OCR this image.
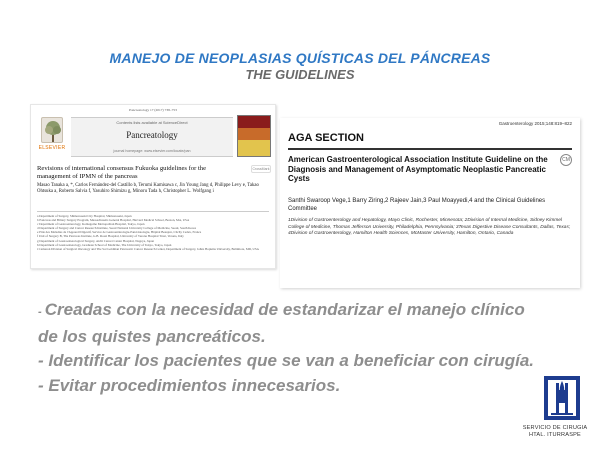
MANEJO DE NEOPLASIAS QUÍSTICAS DEL PÁNCREAS
THE GUIDELINES
Pancreatology 17 (2017) 738–753
ELSEVIER
Contents lists available at ScienceDirect
Pancreatology
journal homepage: www.elsevier.com/locate/pan
Revisions of international consensus Fukuoka guidelines for the management of IPMN of the pancreas
CrossMark
Masao Tanaka a, *, Carlos Fernández-del Castillo b, Terumi Kamisawa c, Jin Young Jang d, Philippe Levy e, Takao Ohtsuka a, Roberto Salvia f, Yasuhiro Shimizu g, Minoru Tada h, Christopher L. Wolfgang i
a Department of Surgery, Shimonoseki City Hospital, Shimonoseki, Japan
b Pancreas and Biliary Surgery Program, Massachusetts General Hospital, Harvard Medical School, Boston, MA, USA
c Department of Gastroenterology, Komagome Metropolitan Hospital, Tokyo, Japan
d Department of Surgery and Cancer Research Institute, Seoul National University College of Medicine, Seoul, South Korea
e Pôle des Maladies de l'Appareil Digestif, Service de Gastroentérologie-Pancréatologie, Hôpital Beaujon, Clichy Cedex, France
f Unit of Surgery B, The Pancreas Institute, G.B. Rossi Hospital, University of Verona Hospital Trust, Verona, Italy
g Department of Gastroenterological Surgery, Aichi Cancer Center Hospital, Nagoya, Japan
h Department of Gastroenterology, Graduate School of Medicine, The University of Tokyo, Tokyo, Japan
i Cameron Division of Surgical Oncology and The Sol Goldman Pancreatic Cancer Research Center, Department of Surgery, Johns Hopkins University, Baltimore, MD, USA
Gastroenterology 2015;148:819–822
AGA SECTION
CM
American Gastroenterological Association Institute Guideline on the Diagnosis and Management of Asymptomatic Neoplastic Pancreatic Cysts
Santhi Swaroop Vege,1 Barry Ziring,2 Rajeev Jain,3 Paul Moayyedi,4 and the Clinical Guidelines Committee
1Division of Gastroenterology and Hepatology, Mayo Clinic, Rochester, Minnesota; 2Division of Internal Medicine, Sidney Kimmel College of Medicine, Thomas Jefferson University, Philadelphia, Pennsylvania; 3Texas Digestive Disease Consultants, Dallas, Texas; 4Division of Gastroenterology, Hamilton Health Sciences, McMaster University, Hamilton, Ontario, Canada
- Creadas con la necesidad de estandarizar el manejo clínico de los quistes pancreáticos.
- Identificar los pacientes que se van a beneficiar con cirugía.
- Evitar procedimientos innecesarios.
SERVICIO DE CIRUGIA
HTAL. ITURRASPE
